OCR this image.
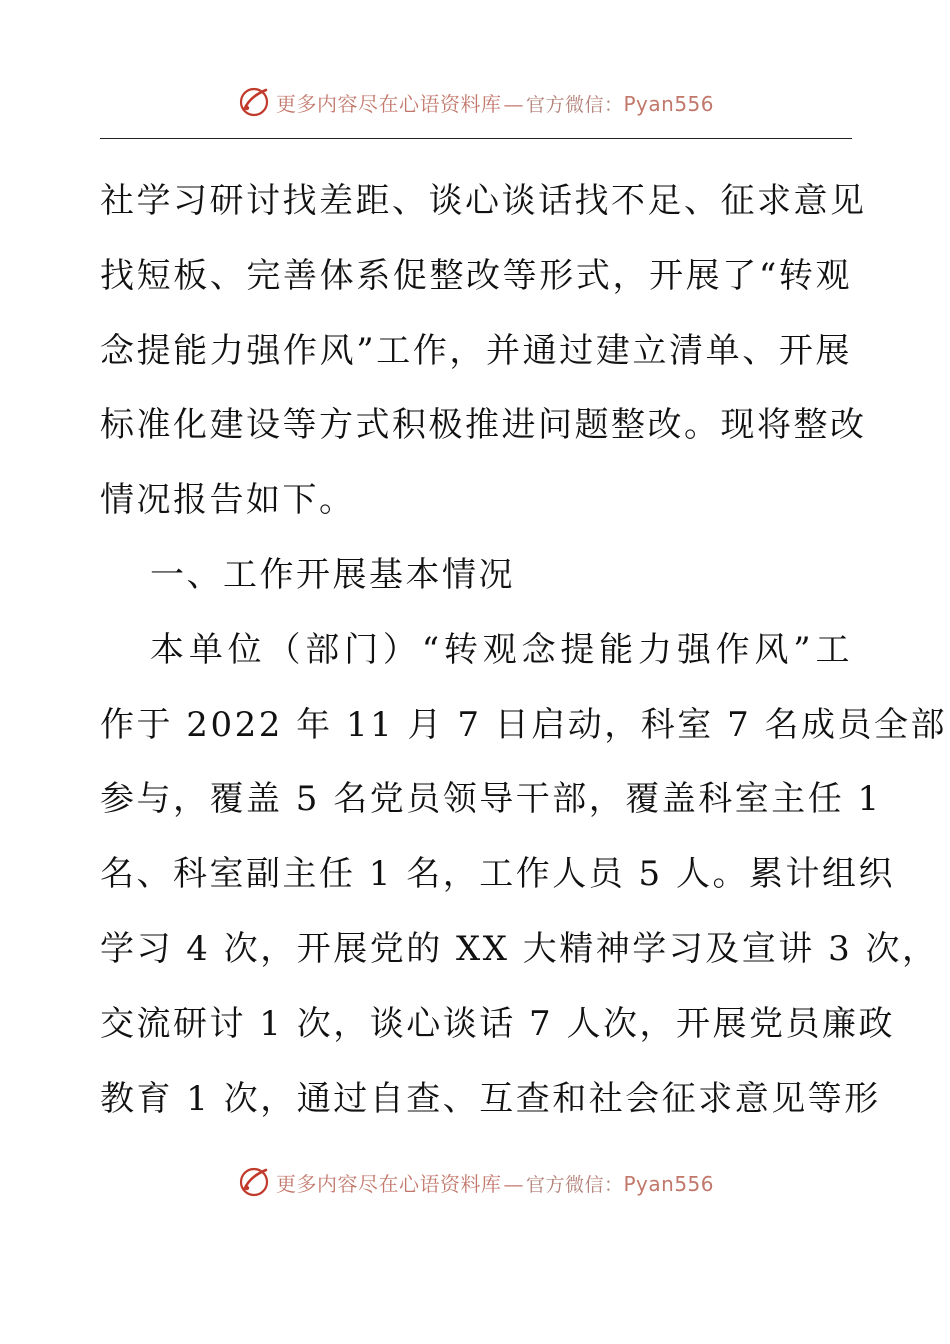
更多内容尽在心语资料库 — 官方微信：Pyan556
社学习研讨找差距、谈心谈话找不足、征求意见
找短板、完善体系促整改等形式，开展了“转观
念提能力强作风”工作，并通过建立清单、开展
标准化建设等方式积极推进问题整改。现将整改
情况报告如下。
一、工作开展基本情况
本单位（部门）“转观念提能力强作风”工
作于 2022 年 11 月 7 日启动，科室 7 名成员全部
参与，覆盖 5 名党员领导干部，覆盖科室主任 1
名、科室副主任 1 名，工作人员 5 人。累计组织
学习 4 次，开展党的 XX 大精神学习及宣讲 3 次，
交流研讨 1 次，谈心谈话 7 人次，开展党员廉政
教育 1 次，通过自查、互查和社会征求意见等形
更多内容尽在心语资料库 — 官方微信：Pyan556
